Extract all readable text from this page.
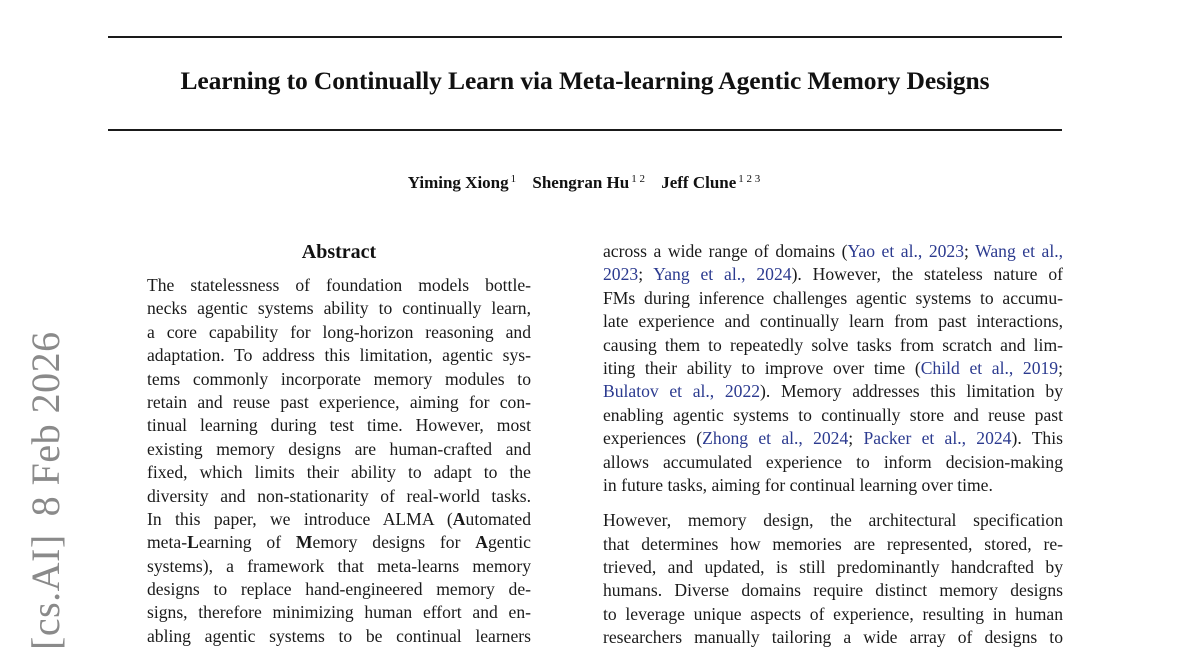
Learning to Continually Learn via Meta-learning Agentic Memory Designs
Yiming Xiong $^1$ Shengran Hu $^{1 2}$ Jeff Clune $^{1 2 3}$
[cs.AI]8 Feb 2026
Abstract
The statelessness of foundation models bottle-
necks agentic systems ability to continually learn,
a core capability for long-horizon reasoning and
adaptation. To address this limitation, agentic sys-
tems commonly incorporate memory modules to
retain and reuse past experience, aiming for con-
tinual learning during test time. However, most
existing memory designs are human-crafted and
fixed, which limits their ability to adapt to the
diversity and non-stationarity of real-world tasks.
In this paper, we introduce ALMA (Automated
meta-Learning of Memory designs for Agentic
systems), a framework that meta-learns memory
designs to replace hand-engineered memory de-
signs, therefore minimizing human effort and en-
abling agentic systems to be continual learners
across a wide range of domains (Yao et al., 2023; Wang et al.,
2023; Yang et al., 2024). However, the stateless nature of
FMs during inference challenges agentic systems to accumu-
late experience and continually learn from past interactions,
causing them to repeatedly solve tasks from scratch and lim-
iting their ability to improve over time (Child et al., 2019;
Bulatov et al., 2022). Memory addresses this limitation by
enabling agentic systems to continually store and reuse past
experiences (Zhong et al., 2024; Packer et al., 2024). This
allows accumulated experience to inform decision-making
in future tasks, aiming for continual learning over time.
However, memory design, the architectural specification
that determines how memories are represented, stored, re-
trieved, and updated, is still predominantly handcrafted by
humans. Diverse domains require distinct memory designs
to leverage unique aspects of experience, resulting in human
researchers manually tailoring a wide array of designs to
